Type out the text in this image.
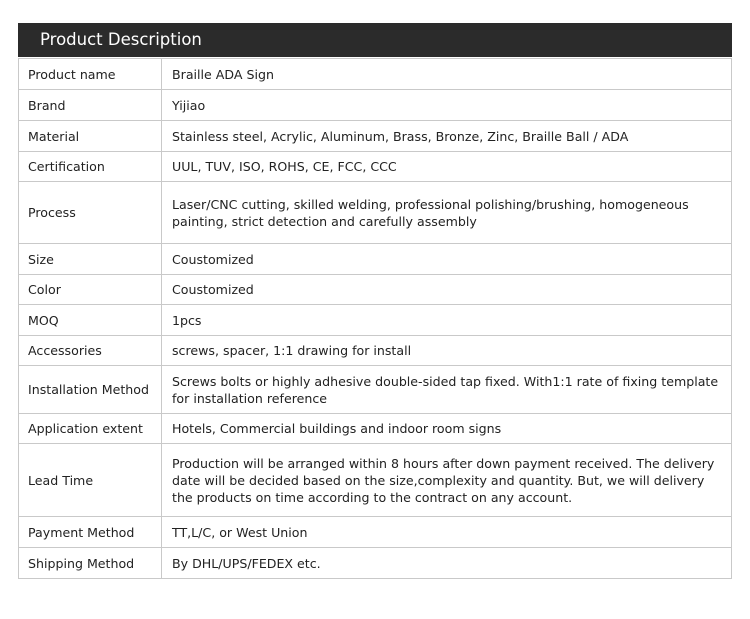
Product Description
Product name	Braille ADA Sign
Brand	Yijiao
Material	Stainless steel, Acrylic, Aluminum, Brass, Bronze, Zinc, Braille Ball / ADA
Certification	UUL, TUV, ISO, ROHS, CE, FCC, CCC
Process	Laser/CNC cutting, skilled welding, professional polishing/brushing, homogeneous painting, strict detection and carefully assembly
Size	Coustomized
Color	Coustomized
MOQ	1pcs
Accessories	screws, spacer, 1:1 drawing for install
Installation Method	Screws bolts or highly adhesive double-sided tap fixed. With1:1 rate of fixing template for installation reference
Application extent	Hotels, Commercial buildings and indoor room signs
Lead Time	Production will be arranged within 8 hours after down payment received. The delivery date will be decided based on the size,complexity and quantity. But, we will delivery the products on time according to the contract on any account.
Payment Method	TT,L/C, or West Union
Shipping Method	By DHL/UPS/FEDEX etc.
